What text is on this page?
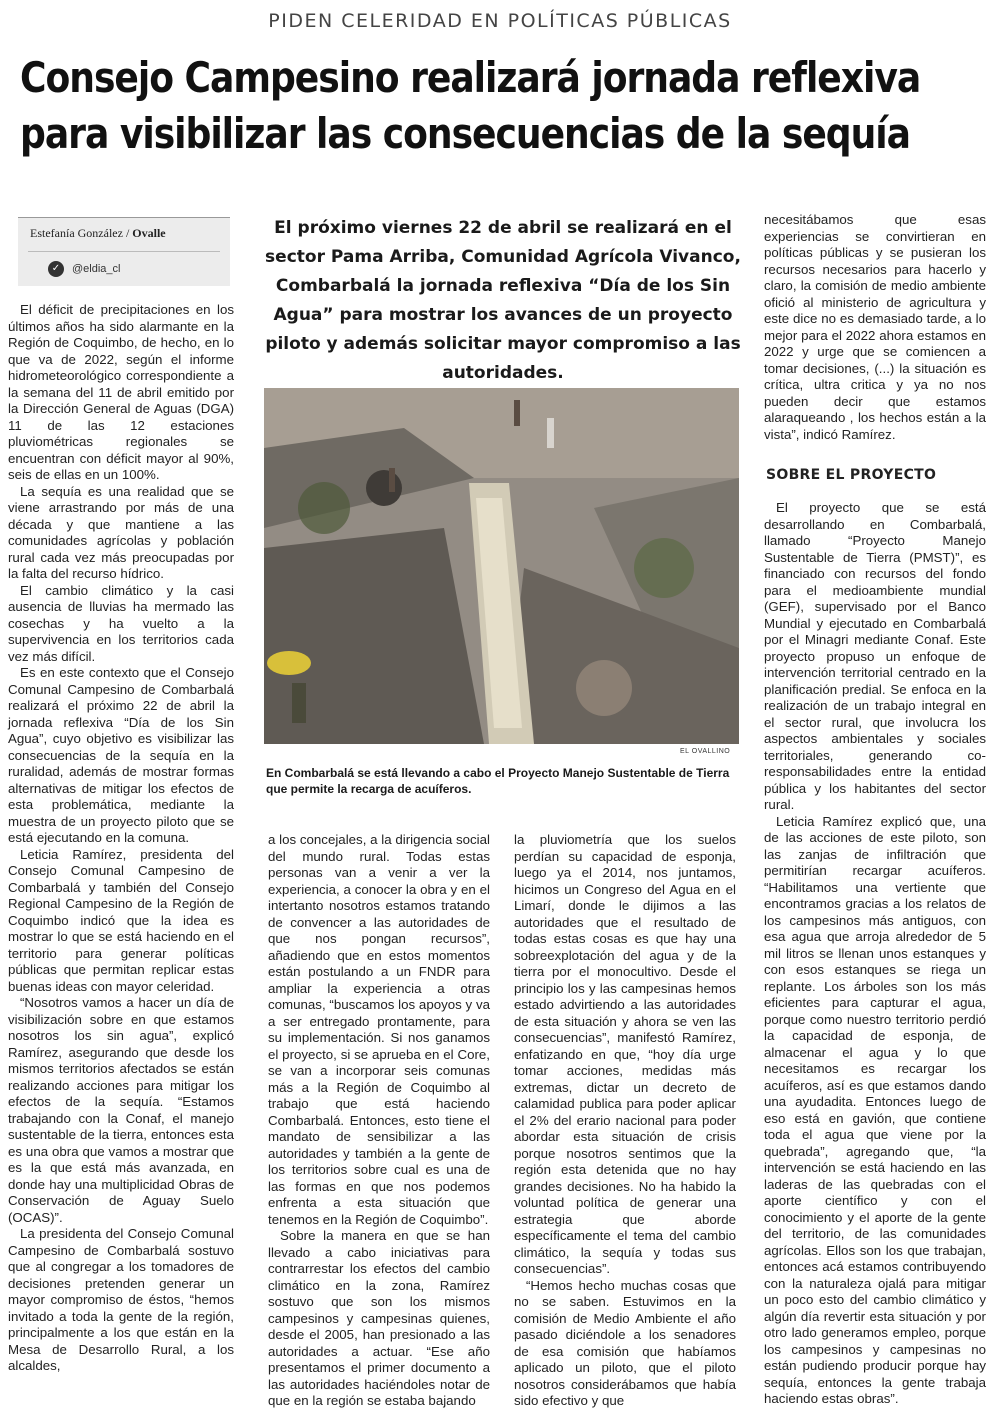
PIDEN CELERIDAD EN POLÍTICAS PÚBLICAS
Consejo Campesino realizará jornada reflexiva
para visibilizar las consecuencias de la sequía
Estefanía González / Ovalle
✓	@eldia_cl
El próximo viernes 22 de abril se realizará en el sector Pama Arriba, Comunidad Agrícola Vivanco, Combarbalá la jornada reflexiva “Día de los Sin Agua” para mostrar los avances de un proyecto piloto y además solicitar mayor compromiso a las autoridades.
EL OVALLINO
En Combarbalá se está llevando a cabo el Proyecto Manejo Sustentable de Tierra que permite la recarga de acuíferos.

El déficit de precipitaciones en los últimos años ha sido alarmante en la Región de Coquimbo, de hecho, en lo que va de 2022, según el informe hidrometeorológico correspondiente a la semana del 11 de abril emitido por la Dirección General de Aguas (DGA) 11 de las 12 estaciones pluviométricas regionales se encuentran con déficit mayor al 90%, seis de ellas en un 100%.

La sequía es una realidad que se viene arrastrando por más de una década y que mantiene a las comunidades agrícolas y población rural cada vez más preocupadas por la falta del recurso hídrico.

El cambio climático y la casi ausencia de lluvias ha mermado las cosechas y ha vuelto a la supervivencia en los territorios cada vez más difícil.

Es en este contexto que el Consejo Comunal Campesino de Combarbalá realizará el próximo 22 de abril la jornada reflexiva “Día de los Sin Agua”, cuyo objetivo es visibilizar las consecuencias de la sequía en la ruralidad, además de mostrar formas alternativas de mitigar los efectos de esta problemática, mediante la muestra de un proyecto piloto que se está ejecutando en la comuna.

Leticia Ramírez, presidenta del Consejo Comunal Campesino de Combarbalá y también del Consejo Regional Campesino de la Región de Coquimbo indicó que la idea es mostrar lo que se está haciendo en el territorio para generar políticas públicas que permitan replicar estas buenas ideas con mayor celeridad.

“Nosotros vamos a hacer un día de visibilización sobre en que estamos nosotros los sin agua”, explicó Ramírez, asegurando que desde los mismos territorios afectados se están realizando acciones para mitigar los efectos de la sequía. “Estamos trabajando con la Conaf, el manejo sustentable de la tierra, entonces esta es una obra que vamos a mostrar que es la que está más avanzada, en donde hay una multiplicidad Obras de Conservación de Aguay Suelo (OCAS)”.

La presidenta del Consejo Comunal Campesino de Combarbalá sostuvo que al congregar a los tomadores de decisiones pretenden generar un mayor compromiso de éstos, “hemos invitado a toda la gente de la región, principalmente a los que están en la Mesa de Desarrollo Rural, a los alcaldes,

a los concejales, a la dirigencia social del mundo rural. Todas estas personas van a venir a ver la experiencia, a conocer la obra y en el intertanto nosotros estamos tratando de convencer a las autoridades de que nos pongan recursos”, añadiendo que en estos momentos están postulando a un FNDR para ampliar la experiencia a otras comunas, “buscamos los apoyos y va a ser entregado prontamente, para su implementación. Si nos ganamos el proyecto, si se aprueba en el Core, se van a incorporar seis comunas más a la Región de Coquimbo al trabajo que está haciendo Combarbalá. Entonces, esto tiene el mandato de sensibilizar a las autoridades y también a la gente de los territorios sobre cual es una de las formas en que nos podemos enfrenta a esta situación que tenemos en la Región de Coquimbo”.

Sobre la manera en que se han llevado a cabo iniciativas para contrarrestar los efectos del cambio climático en la zona, Ramírez sostuvo que son los mismos campesinos y campesinas quienes, desde el 2005, han presionado a las autoridades a actuar. “Ese año presentamos el primer documento a las autoridades haciéndoles notar de que en la región se estaba bajando

la pluviometría que los suelos perdían su capacidad de esponja, luego ya el 2014, nos juntamos, hicimos un Congreso del Agua en el Limarí, donde le dijimos a las autoridades que el resultado de todas estas cosas es que hay una sobreexplotación del agua y de la tierra por el monocultivo. Desde el principio los y las campesinas hemos estado advirtiendo a las autoridades de esta situación y ahora se ven las consecuencias”, manifestó Ramírez, enfatizando en que, “hoy día urge tomar acciones, medidas más extremas, dictar un decreto de calamidad publica para poder aplicar el 2% del erario nacional para poder abordar esta situación de crisis porque nosotros sentimos que la región esta detenida que no hay grandes decisiones. No ha habido la voluntad política de generar una estrategia que aborde específicamente el tema del cambio climático, la sequía y todas sus consecuencias”.

“Hemos hecho muchas cosas que no se saben. Estuvimos en la comisión de Medio Ambiente el año pasado diciéndole a los senadores de esa comisión que habíamos aplicado un piloto, que el piloto nosotros considerábamos que había sido efectivo y que

necesitábamos que esas experiencias se convirtieran en políticas públicas y se pusieran los recursos necesarios para hacerlo y claro, la comisión de medio ambiente ofició al ministerio de agricultura y este dice no es demasiado tarde, a lo mejor para el 2022 ahora estamos en 2022 y urge que se comiencen a tomar decisiones, (...) la situación es crítica, ultra critica y ya no nos pueden decir que estamos alaraqueando , los hechos están a la vista”, indicó Ramírez.

SOBRE EL PROYECTO

El proyecto que se está desarrollando en Combarbalá, llamado “Proyecto Manejo Sustentable de Tierra (PMST)”, es financiado con recursos del fondo para el medioambiente mundial (GEF), supervisado por el Banco Mundial y ejecutado en Combarbalá por el Minagri mediante Conaf. Este proyecto propuso un enfoque de intervención territorial centrado en la planificación predial. Se enfoca en la realización de un trabajo integral en el sector rural, que involucra los aspectos ambientales y sociales territoriales, generando co-responsabilidades entre la entidad pública y los habitantes del sector rural.

Leticia Ramírez explicó que, una de las acciones de este piloto, son las zanjas de infiltración que permitirían recargar acuíferos. “Habilitamos una vertiente que encontramos gracias a los relatos de los campesinos más antiguos, con esa agua que arroja alrededor de 5 mil litros se llenan unos estanques y con esos estanques se riega un replante. Los árboles son los más eficientes para capturar el agua, porque como nuestro territorio perdió la capacidad de esponja, de almacenar el agua y lo que necesitamos es recargar los acuíferos, así es que estamos dando una ayudadita. Entonces luego de eso está en gavión, que contiene toda el agua que viene por la quebrada”, agregando que, “la intervención se está haciendo en las laderas de las quebradas con el aporte científico y con el conocimiento y el aporte de la gente del territorio, de las comunidades agrícolas. Ellos son los que trabajan, entonces acá estamos contribuyendo con la naturaleza ojalá para mitigar un poco esto del cambio climático y algún día revertir esta situación y por otro lado generamos empleo, porque los campesinos y campesinas no están pudiendo producir porque hay sequía, entonces la gente trabaja haciendo estas obras”.
